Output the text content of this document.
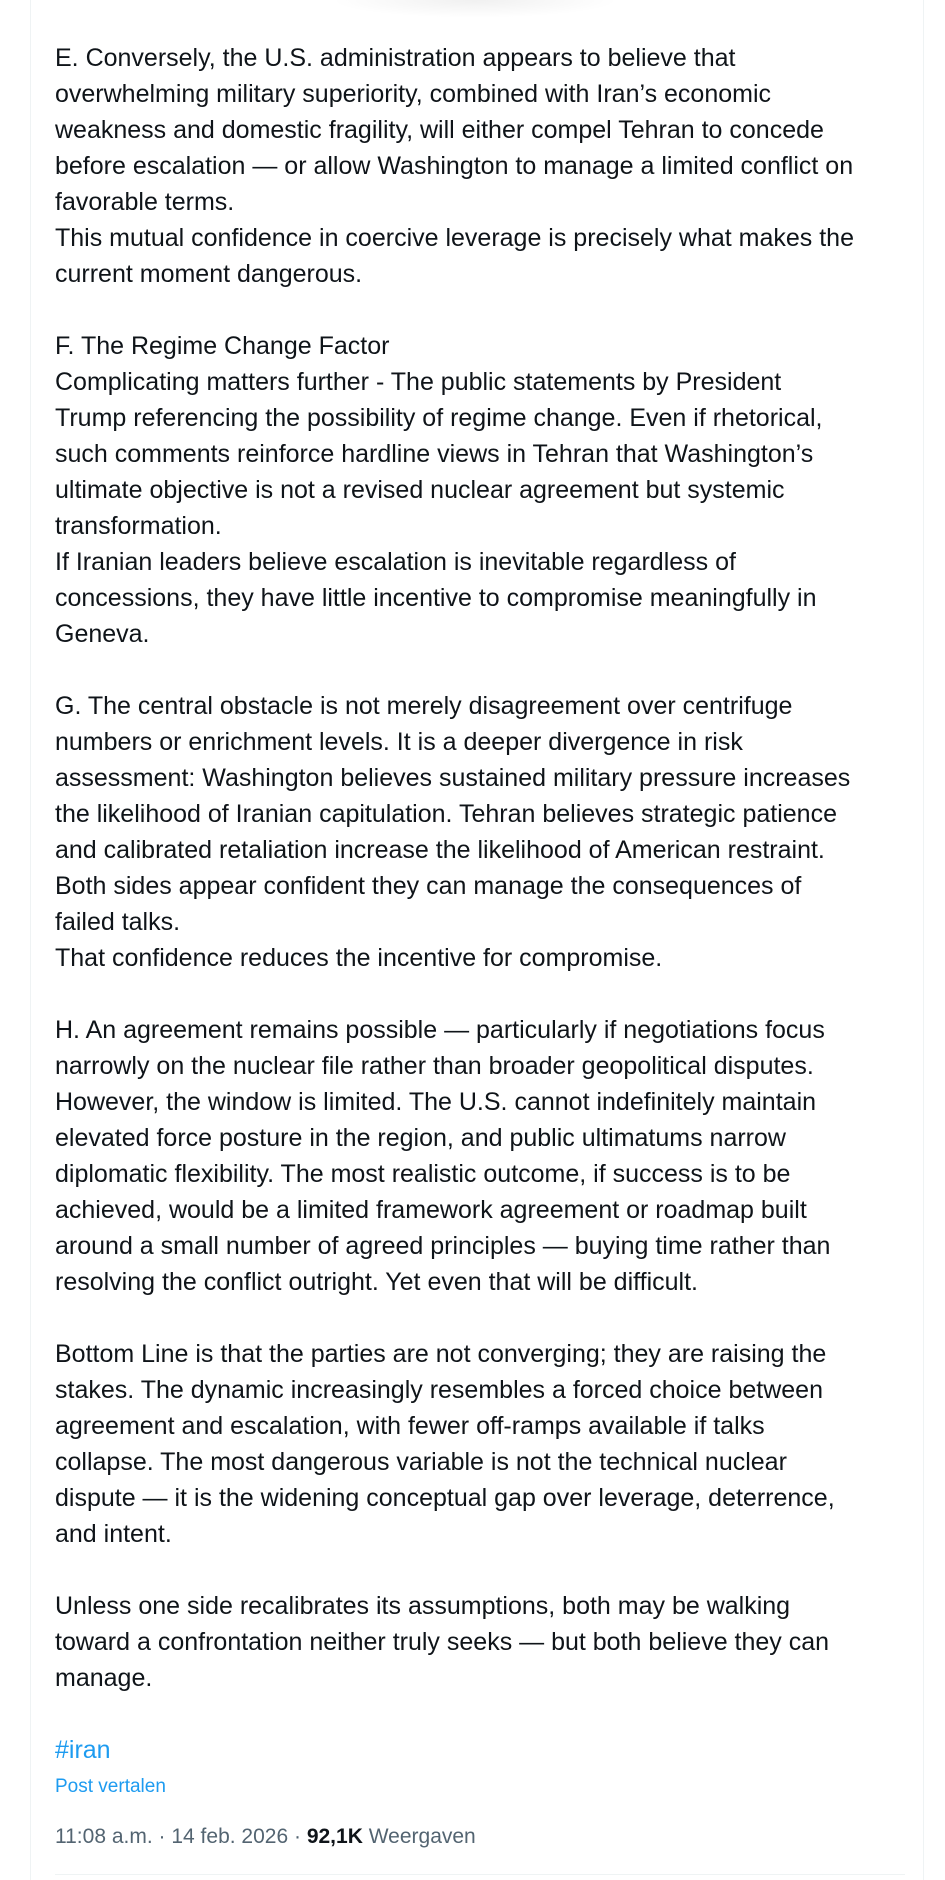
E. Conversely, the U.S. administration appears to believe that
overwhelming military superiority, combined with Iran’s economic
weakness and domestic fragility, will either compel Tehran to concede
before escalation — or allow Washington to manage a limited conflict on
favorable terms.
This mutual confidence in coercive leverage is precisely what makes the
current moment dangerous.

F. The Regime Change Factor
Complicating matters further - The public statements by President
Trump referencing the possibility of regime change. Even if rhetorical,
such comments reinforce hardline views in Tehran that Washington’s
ultimate objective is not a revised nuclear agreement but systemic
transformation.
If Iranian leaders believe escalation is inevitable regardless of
concessions, they have little incentive to compromise meaningfully in
Geneva.

G. The central obstacle is not merely disagreement over centrifuge
numbers or enrichment levels. It is a deeper divergence in risk
assessment: Washington believes sustained military pressure increases
the likelihood of Iranian capitulation. Tehran believes strategic patience
and calibrated retaliation increase the likelihood of American restraint.
Both sides appear confident they can manage the consequences of
failed talks.
That confidence reduces the incentive for compromise.

H. An agreement remains possible — particularly if negotiations focus
narrowly on the nuclear file rather than broader geopolitical disputes.
However, the window is limited. The U.S. cannot indefinitely maintain
elevated force posture in the region, and public ultimatums narrow
diplomatic flexibility. The most realistic outcome, if success is to be
achieved, would be a limited framework agreement or roadmap built
around a small number of agreed principles — buying time rather than
resolving the conflict outright. Yet even that will be difficult.

Bottom Line is that the parties are not converging; they are raising the
stakes. The dynamic increasingly resembles a forced choice between
agreement and escalation, with fewer off-ramps available if talks
collapse. The most dangerous variable is not the technical nuclear
dispute — it is the widening conceptual gap over leverage, deterrence,
and intent.

Unless one side recalibrates its assumptions, both may be walking
toward a confrontation neither truly seeks — but both believe they can
manage.

#iran
Post vertalen
11:08 a.m. · 14 feb. 2026 · 92,1K Weergaven
